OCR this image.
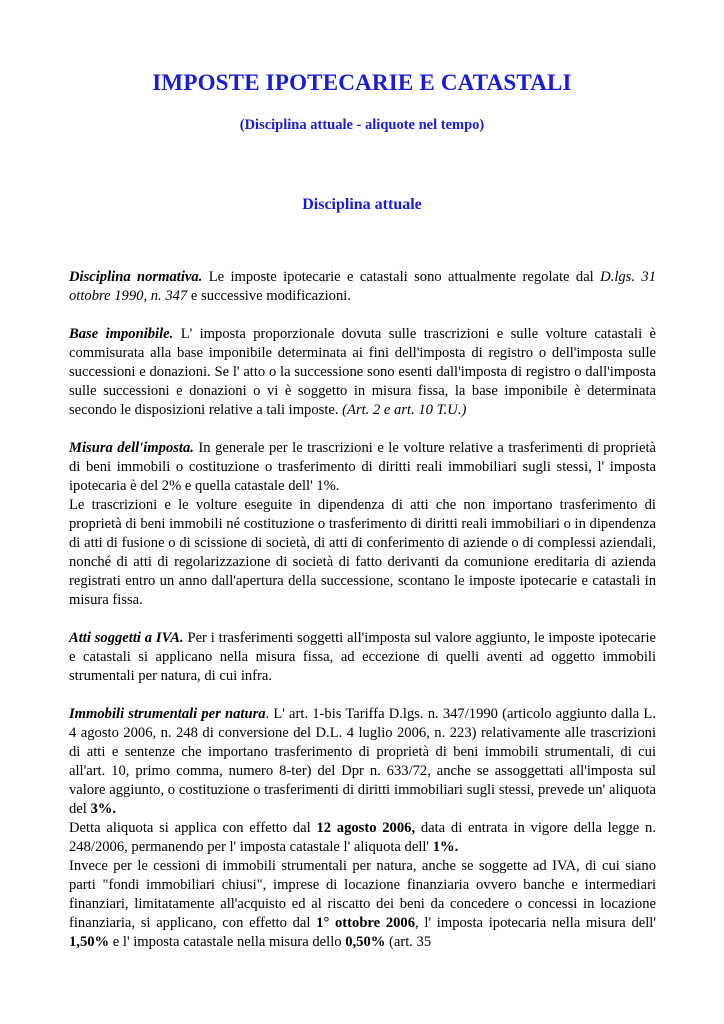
IMPOSTE IPOTECARIE E CATASTALI
(Disciplina attuale - aliquote nel tempo)
Disciplina attuale

Disciplina normativa. Le imposte ipotecarie e catastali sono attualmente regolate dal D.lgs. 31 ottobre 1990, n. 347 e successive modificazioni.

Base imponibile. L' imposta proporzionale dovuta sulle trascrizioni e sulle volture catastali è commisurata alla base imponibile determinata ai fini dell'imposta di registro o dell'imposta sulle successioni e donazioni. Se l' atto o la successione sono esenti dall'imposta di registro o dall'imposta sulle successioni e donazioni o vi è soggetto in misura fissa, la base imponibile è determinata secondo le disposizioni relative a tali imposte. (Art. 2 e art. 10 T.U.)

Misura dell'imposta. In generale per le trascrizioni e le volture relative a trasferimenti di proprietà di beni immobili o costituzione o trasferimento di diritti reali immobiliari sugli stessi, l' imposta ipotecaria è del 2% e quella catastale dell' 1%.

Le trascrizioni e le volture eseguite in dipendenza di atti che non importano trasferimento di proprietà di beni immobili né costituzione o trasferimento di diritti reali immobiliari o in dipendenza di atti di fusione o di scissione di società, di atti di conferimento di aziende o di complessi aziendali, nonché di atti di regolarizzazione di società di fatto derivanti da comunione ereditaria di azienda registrati entro un anno dall'apertura della successione, scontano le imposte ipotecarie e catastali in misura fissa.

Atti soggetti a IVA. Per i trasferimenti soggetti all'imposta sul valore aggiunto, le imposte ipotecarie e catastali si applicano nella misura fissa, ad eccezione di quelli aventi ad oggetto immobili strumentali per natura, di cui infra.

Immobili strumentali per natura. L' art. 1-bis Tariffa D.lgs. n. 347/1990 (articolo aggiunto dalla L. 4 agosto 2006, n. 248 di conversione del D.L. 4 luglio 2006, n. 223) relativamente alle trascrizioni di atti e sentenze che importano trasferimento di proprietà di beni immobili strumentali, di cui all'art. 10, primo comma, numero 8-ter) del Dpr n. 633/72, anche se assoggettati all'imposta sul valore aggiunto, o costituzione o trasferimenti di diritti immobiliari sugli stessi, prevede un' aliquota del 3%.

Detta aliquota si applica con effetto dal 12 agosto 2006, data di entrata in vigore della legge n. 248/2006, permanendo per l' imposta catastale l' aliquota dell' 1%.

Invece per le cessioni di immobili strumentali per natura, anche se soggette ad IVA, di cui siano parti "fondi immobiliari chiusi", imprese di locazione finanziaria ovvero banche e intermediari finanziari, limitatamente all'acquisto ed al riscatto dei beni da concedere o concessi in locazione finanziaria, si applicano, con effetto dal 1° ottobre 2006, l' imposta ipotecaria nella misura dell' 1,50% e l' imposta catastale nella misura dello 0,50% (art. 35
